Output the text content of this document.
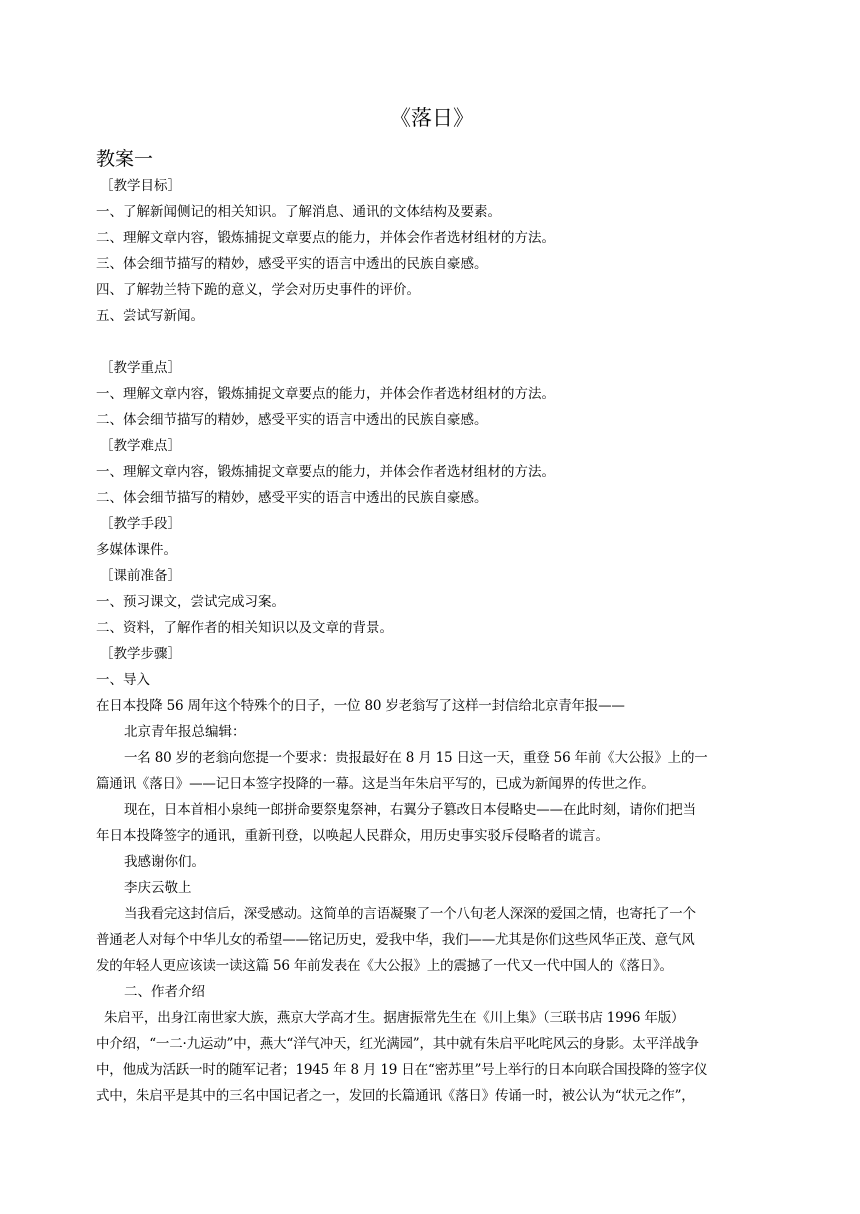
《落日》
教案一
［教学目标］
一、了解新闻侧记的相关知识。了解消息、通讯的文体结构及要素。
二、理解文章内容，锻炼捕捉文章要点的能力，并体会作者选材组材的方法。
三、体会细节描写的精妙，感受平实的语言中透出的民族自豪感。
四、了解勃兰特下跪的意义，学会对历史事件的评价。
五、尝试写新闻。
［教学重点］
一、理解文章内容，锻炼捕捉文章要点的能力，并体会作者选材组材的方法。
二、体会细节描写的精妙，感受平实的语言中透出的民族自豪感。
［教学难点］
一、理解文章内容，锻炼捕捉文章要点的能力，并体会作者选材组材的方法。
二、体会细节描写的精妙，感受平实的语言中透出的民族自豪感。
［教学手段］
多媒体课件。
［课前准备］
一、预习课文，尝试完成习案。
二、资料，了解作者的相关知识以及文章的背景。
［教学步骤］
一、导入
在日本投降 56 周年这个特殊个的日子，一位 80 岁老翁写了这样一封信给北京青年报——
北京青年报总编辑：
一名 80 岁的老翁向您提一个要求：贵报最好在 8 月 15 日这一天，重登 56 年前《大公报》上的一
篇通讯《落日》——记日本签字投降的一幕。这是当年朱启平写的，已成为新闻界的传世之作。
现在，日本首相小泉纯一郎拼命要祭鬼祭神，右翼分子篡改日本侵略史——在此时刻，请你们把当
年日本投降签字的通讯，重新刊登，以唤起人民群众，用历史事实驳斥侵略者的谎言。
我感谢你们。
李庆云敬上
当我看完这封信后，深受感动。这简单的言语凝聚了一个八旬老人深深的爱国之情，也寄托了一个
普通老人对每个中华儿女的希望——铭记历史，爱我中华，我们——尤其是你们这些风华正茂、意气风
发的年轻人更应该读一读这篇 56 年前发表在《大公报》上的震撼了一代又一代中国人的《落日》。
二、作者介绍
朱启平，出身江南世家大族，燕京大学高才生。据唐振常先生在《川上集》（三联书店 1996 年版）
中介绍，“一二·九运动”中，燕大“洋气冲天，红光满园”，其中就有朱启平叱咤风云的身影。太平洋战争
中，他成为活跃一时的随军记者；1945 年 8 月 19 日在“密苏里”号上举行的日本向联合国投降的签字仪
式中，朱启平是其中的三名中国记者之一，发回的长篇通讯《落日》传诵一时，被公认为“状元之作”，
